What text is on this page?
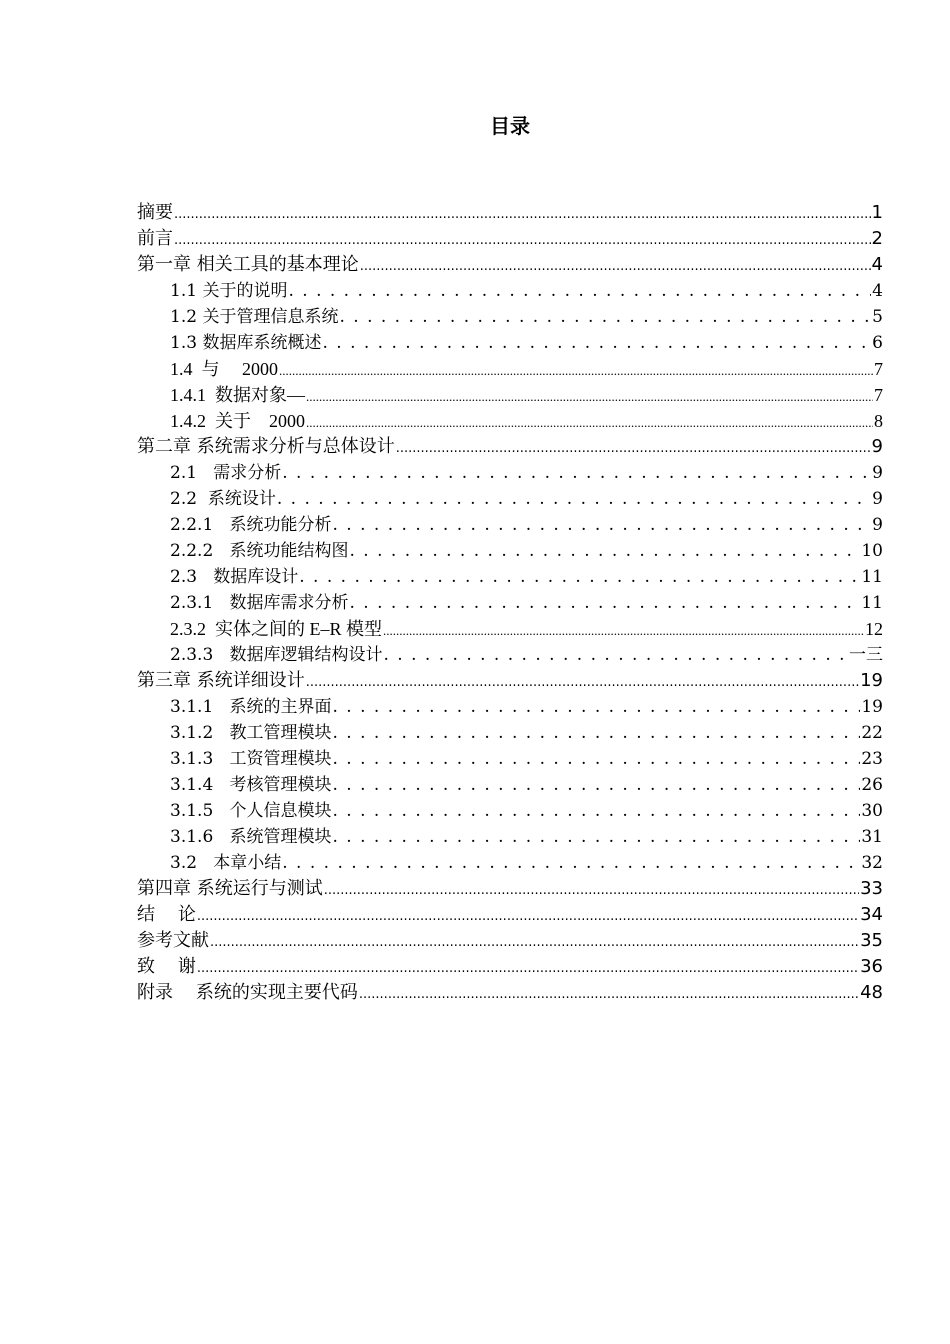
目录
摘要 .....	1
前言 .....	2
第一章 相关工具的基本理论 .....	4
1.1 关于的说明 . . .	4
1.2 关于管理信息系统 . . .	5
1.3 数据库系统概述 . . .	6
1.4  与     2000 .....	7
1.4.1  数据对象— .....	7
1.4.2  关于    2000 .....	8
第二章 系统需求分析与总体设计 .....	9
2.1   需求分析 . . .	9
2.2  系统设计 . . .	9
2.2.1   系统功能分析 . . .	9
2.2.2   系统功能结构图 . . .	10
2.3   数据库设计 . . .	11
2.3.1   数据库需求分析 . . .	11
2.3.2  实体之间的 E–R 模型 .....	12
2.3.3   数据库逻辑结构设计 . . .	一三
第三章 系统详细设计 .....	19
3.1.1   系统的主界面 . . .	19
3.1.2   教工管理模块 . . .	22
3.1.3   工资管理模块 . . .	23
3.1.4   考核管理模块 . . .	26
3.1.5   个人信息模块 . . .	30
3.1.6   系统管理模块 . . .	31
3.2   本章小结 . . .	32
第四章 系统运行与测试 .....	33
结    论 .....	34
参考文献 .....	35
致    谢 .....	36
附录    系统的实现主要代码 .....	48
